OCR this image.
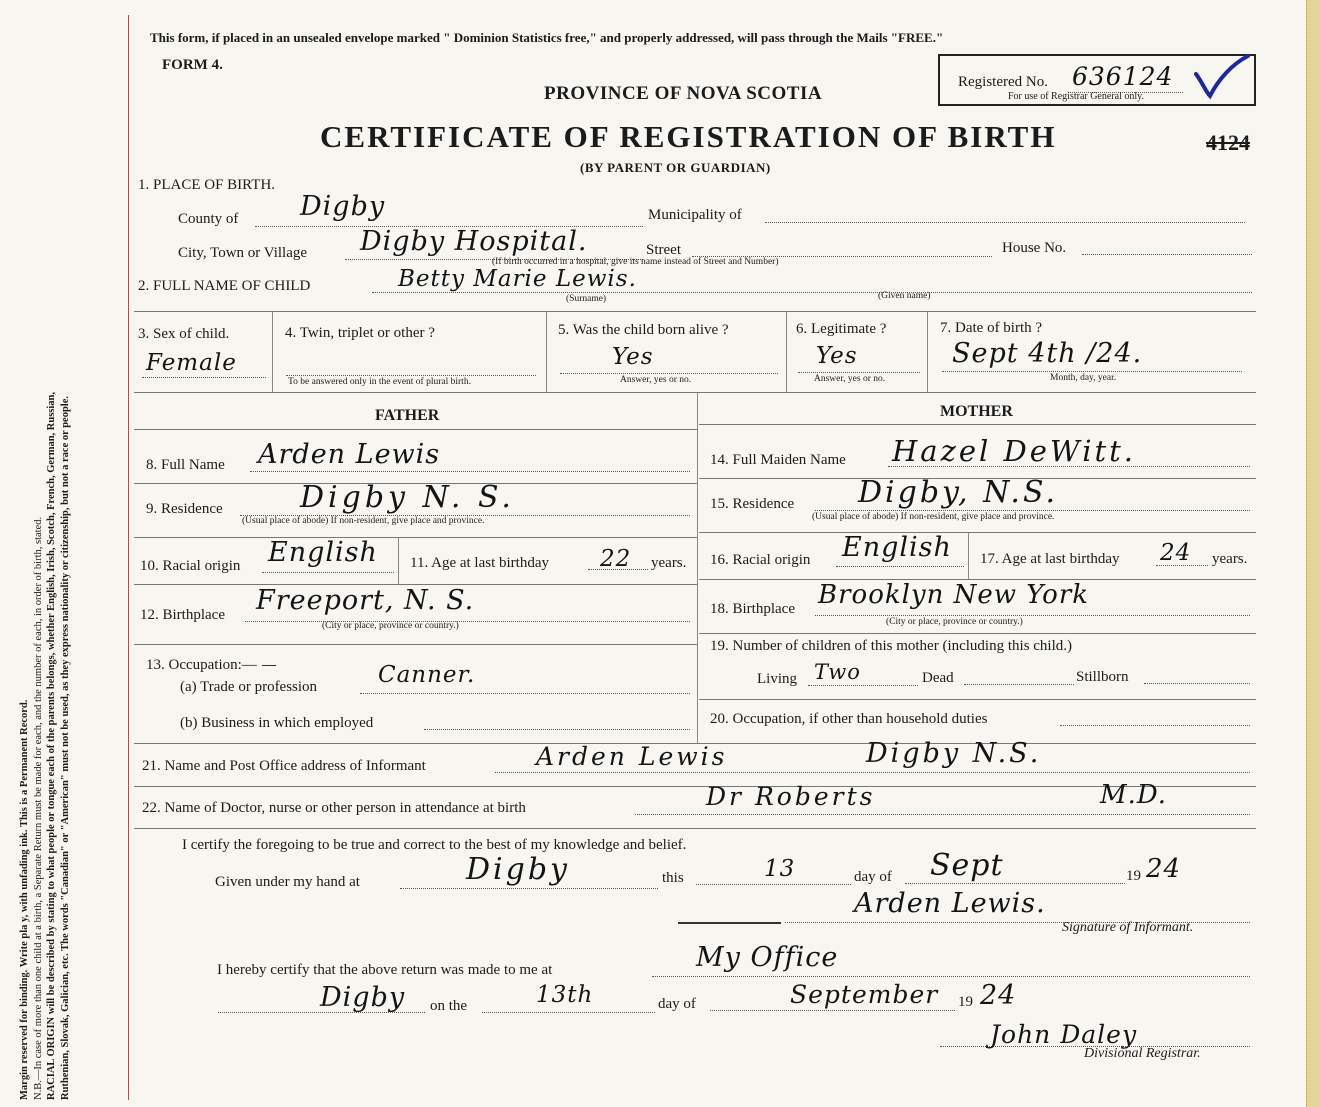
Margin reserved for binding. Write pla y, with unfading ink. This is a Permanent Record. N.B.—In case of more than one child at a birth, a Separate Return must be made for each, and the number of each, in order of birth, stated. RACIAL ORIGIN will be described by stating to what people or tongue each of the parents belongs, whether English, Irish, Scotch, French, German, Russian, Ruthenian, Slovak, Galician, etc. The words "Canadian" or "American" must not be used, as they express nationality or citizenship, but not a race or people.
This form, if placed in an unsealed envelope marked " Dominion Statistics free," and properly addressed, will pass through the Mails "FREE."
FORM 4.
PROVINCE OF NOVA SCOTIA
CERTIFICATE OF REGISTRATION OF BIRTH
(BY PARENT OR GUARDIAN)
4124
Registered No. 636124
For use of Registrar General only.
1. PLACE OF BIRTH.
County of Digby	Municipality of
City, Town or Village Digby Hospital.	Street	House No.
(If birth occurred in a hospital, give its name instead of Street and Number)
2. FULL NAME OF CHILD	Betty Marie Lewis.
(Surname)	(Given name)
3. Sex of child.
Female
4. Twin, triplet or other ?
To be answered only in the event of plural birth.
5. Was the child born alive ?
Yes
Answer, yes or no.
6. Legitimate ?
Yes
Answer, yes or no.
7. Date of birth ?
Sept 4th /24.
Month, day, year.
FATHER	MOTHER
8. Full Name Arden Lewis
9. Residence	Digby N. S.
(Usual place of abode) If non-resident, give place and province.
10. Racial origin English 11. Age at last birthday 22 years.
12. Birthplace Freeport, N. S.
(City or place, province or country.)
13. Occupation:—
(a) Trade or profession	Canner.
(b) Business in which employed
14. Full Maiden Name Hazel DeWitt.
15. Residence Digby, N.S.
(Usual place of abode) If non-resident, give place and province.
16. Racial origin English 17. Age at last birthday 24 years.
18. Birthplace Brooklyn New York
(City or place, province or country.)
19. Number of children of this mother (including this child.)
Living Two	Dead	Stillborn
20. Occupation, if other than household duties
21. Name and Post Office address of Informant	Arden Lewis	Digby N.S.
22. Name of Doctor, nurse or other person in attendance at birth	Dr Roberts	M.D.
I certify the foregoing to be true and correct to the best of my knowledge and belief.
Given under my hand at	Digby	this	13	day of Sept	19 24
Arden Lewis.
Signature of Informant.
I hereby certify that the above return was made to me at	My Office
Digby on the	13th	day of	September 19 24
John Daley
Divisional Registrar.
